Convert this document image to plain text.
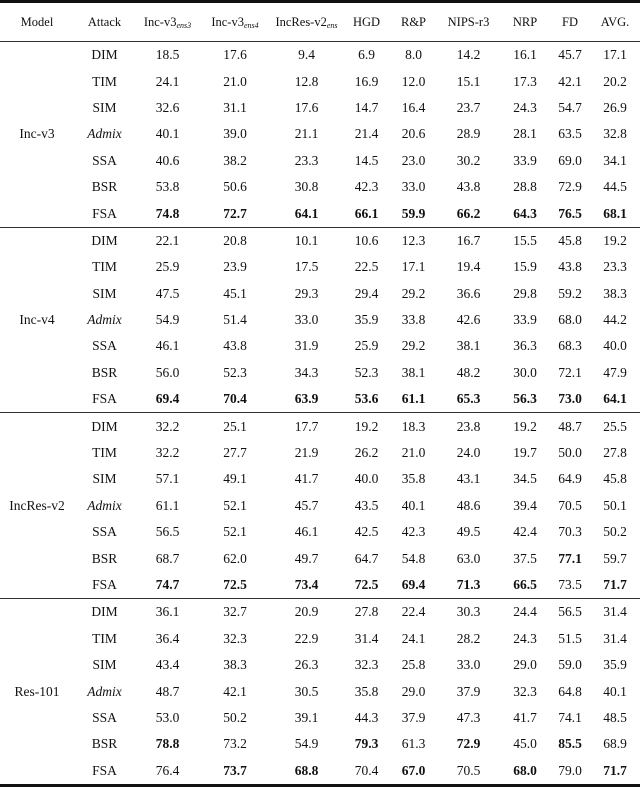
Model	Attack	Inc-$v3_{ens3}$	Inc-$v3_{ens4}$	IncRes-$v2_{ens}$	HGD	R&P	NIPS-r3	NRP	FD	AVG.
Inc-v3	DIM	18.5	17.6	9.4	6.9	8.0	14.2	16.1	45.7	17.1
	TIM	24.1	21.0	12.8	16.9	12.0	15.1	17.3	42.1	20.2
	SIM	32.6	31.1	17.6	14.7	16.4	23.7	24.3	54.7	26.9
	Admix	40.1	39.0	21.1	21.4	20.6	28.9	28.1	63.5	32.8
	SSA	40.6	38.2	23.3	14.5	23.0	30.2	33.9	69.0	34.1
	BSR	53.8	50.6	30.8	42.3	33.0	43.8	28.8	72.9	44.5
	FSA	74.8	72.7	64.1	66.1	59.9	66.2	64.3	76.5	68.1
Inc-v4	DIM	22.1	20.8	10.1	10.6	12.3	16.7	15.5	45.8	19.2
	TIM	25.9	23.9	17.5	22.5	17.1	19.4	15.9	43.8	23.3
	SIM	47.5	45.1	29.3	29.4	29.2	36.6	29.8	59.2	38.3
	Admix	54.9	51.4	33.0	35.9	33.8	42.6	33.9	68.0	44.2
	SSA	46.1	43.8	31.9	25.9	29.2	38.1	36.3	68.3	40.0
	BSR	56.0	52.3	34.3	52.3	38.1	48.2	30.0	72.1	47.9
	FSA	69.4	70.4	63.9	53.6	61.1	65.3	56.3	73.0	64.1
IncRes-v2	DIM	32.2	25.1	17.7	19.2	18.3	23.8	19.2	48.7	25.5
	TIM	32.2	27.7	21.9	26.2	21.0	24.0	19.7	50.0	27.8
	SIM	57.1	49.1	41.7	40.0	35.8	43.1	34.5	64.9	45.8
	Admix	61.1	52.1	45.7	43.5	40.1	48.6	39.4	70.5	50.1
	SSA	56.5	52.1	46.1	42.5	42.3	49.5	42.4	70.3	50.2
	BSR	68.7	62.0	49.7	64.7	54.8	63.0	37.5	77.1	59.7
	FSA	74.7	72.5	73.4	72.5	69.4	71.3	66.5	73.5	71.7
Res-101	DIM	36.1	32.7	20.9	27.8	22.4	30.3	24.4	56.5	31.4
	TIM	36.4	32.3	22.9	31.4	24.1	28.2	24.3	51.5	31.4
	SIM	43.4	38.3	26.3	32.3	25.8	33.0	29.0	59.0	35.9
	Admix	48.7	42.1	30.5	35.8	29.0	37.9	32.3	64.8	40.1
	SSA	53.0	50.2	39.1	44.3	37.9	47.3	41.7	74.1	48.5
	BSR	78.8	73.2	54.9	79.3	61.3	72.9	45.0	85.5	68.9
	FSA	76.4	73.7	68.8	70.4	67.0	70.5	68.0	79.0	71.7
